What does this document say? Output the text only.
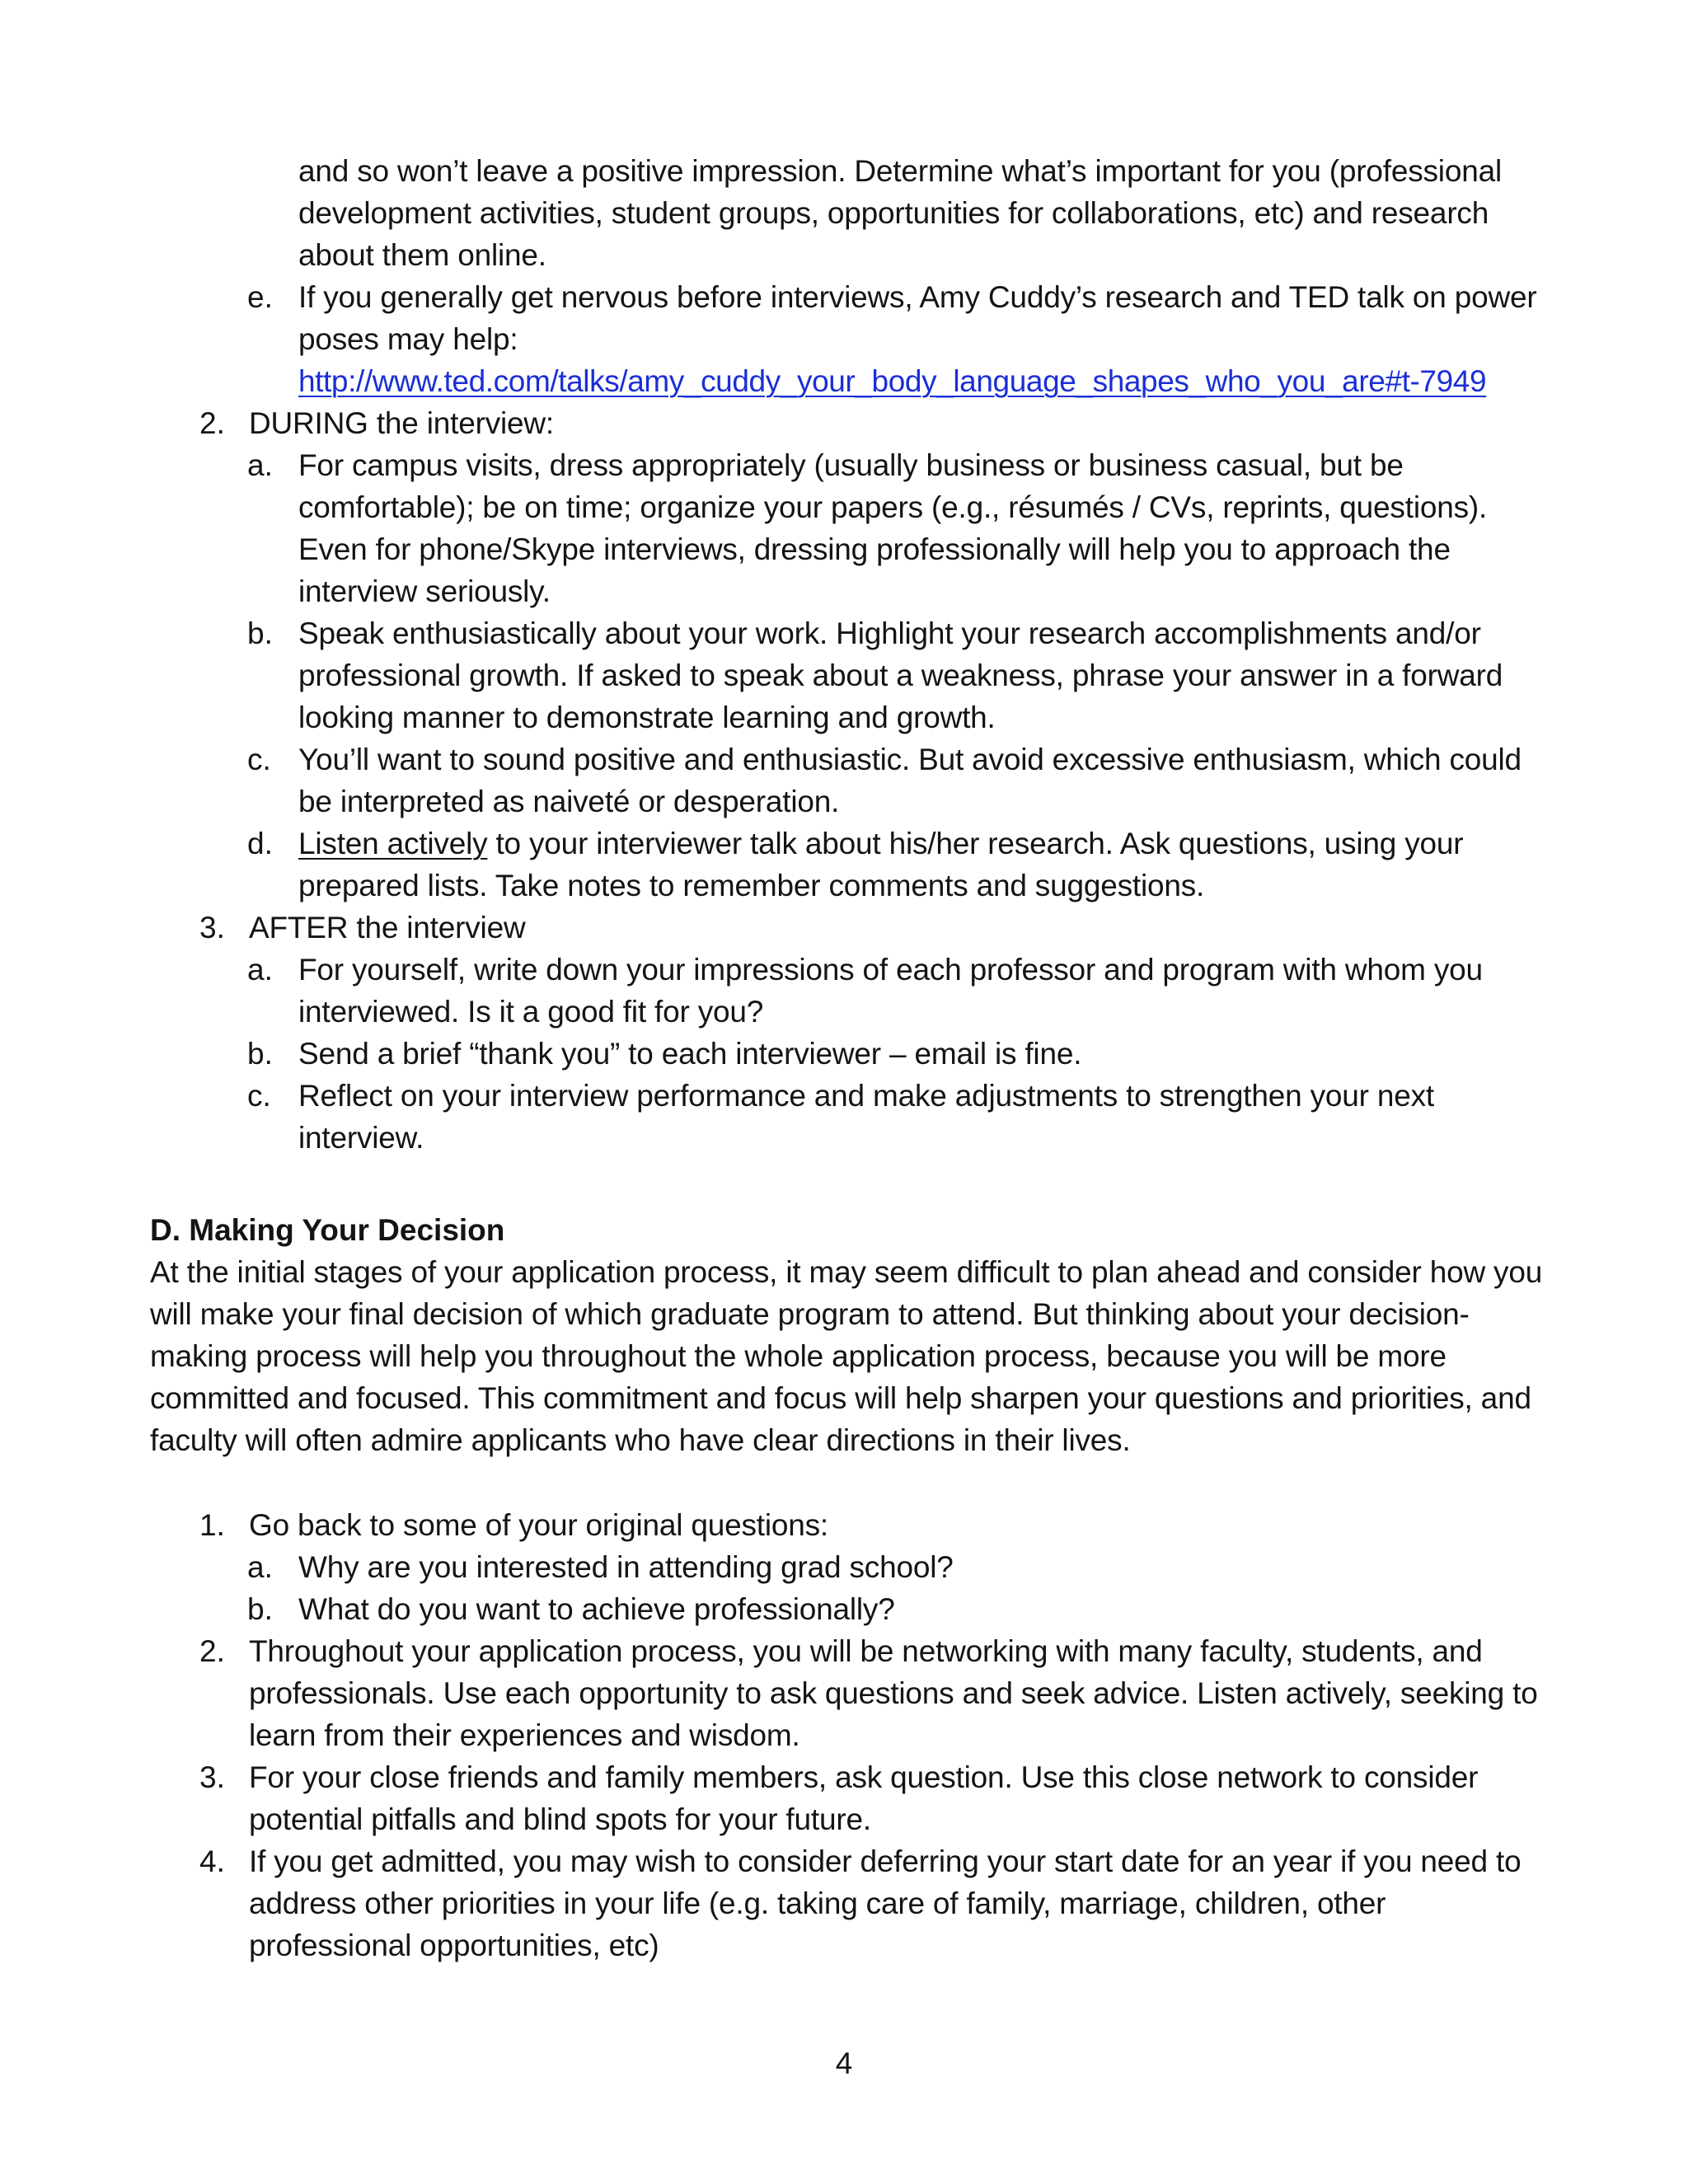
and so won’t leave a positive impression. Determine what’s important for you (professional
development activities, student groups, opportunities for collaborations, etc) and research
about them online.
e. If you generally get nervous before interviews, Amy Cuddy’s research and TED talk on power
poses may help:
http://www.ted.com/talks/amy_cuddy_your_body_language_shapes_who_you_are#t-7949
2. DURING the interview:
a. For campus visits, dress appropriately (usually business or business casual, but be
comfortable); be on time; organize your papers (e.g., résumés / CVs, reprints, questions).
Even for phone/Skype interviews, dressing professionally will help you to approach the
interview seriously.
b. Speak enthusiastically about your work. Highlight your research accomplishments and/or
professional growth. If asked to speak about a weakness, phrase your answer in a forward
looking manner to demonstrate learning and growth.
c. You’ll want to sound positive and enthusiastic. But avoid excessive enthusiasm, which could
be interpreted as naiveté or desperation.
d. Listen actively to your interviewer talk about his/her research. Ask questions, using your
prepared lists. Take notes to remember comments and suggestions.
3. AFTER the interview
a. For yourself, write down your impressions of each professor and program with whom you
interviewed. Is it a good fit for you?
b. Send a brief “thank you” to each interviewer – email is fine.
c. Reflect on your interview performance and make adjustments to strengthen your next
interview.
D. Making Your Decision
At the initial stages of your application process, it may seem difficult to plan ahead and consider how you
will make your final decision of which graduate program to attend. But thinking about your decision-
making process will help you throughout the whole application process, because you will be more
committed and focused. This commitment and focus will help sharpen your questions and priorities, and
faculty will often admire applicants who have clear directions in their lives.
1. Go back to some of your original questions:
a. Why are you interested in attending grad school?
b. What do you want to achieve professionally?
2. Throughout your application process, you will be networking with many faculty, students, and
professionals. Use each opportunity to ask questions and seek advice. Listen actively, seeking to
learn from their experiences and wisdom.
3. For your close friends and family members, ask question. Use this close network to consider
potential pitfalls and blind spots for your future.
4. If you get admitted, you may wish to consider deferring your start date for an year if you need to
address other priorities in your life (e.g. taking care of family, marriage, children, other
professional opportunities, etc)
4
